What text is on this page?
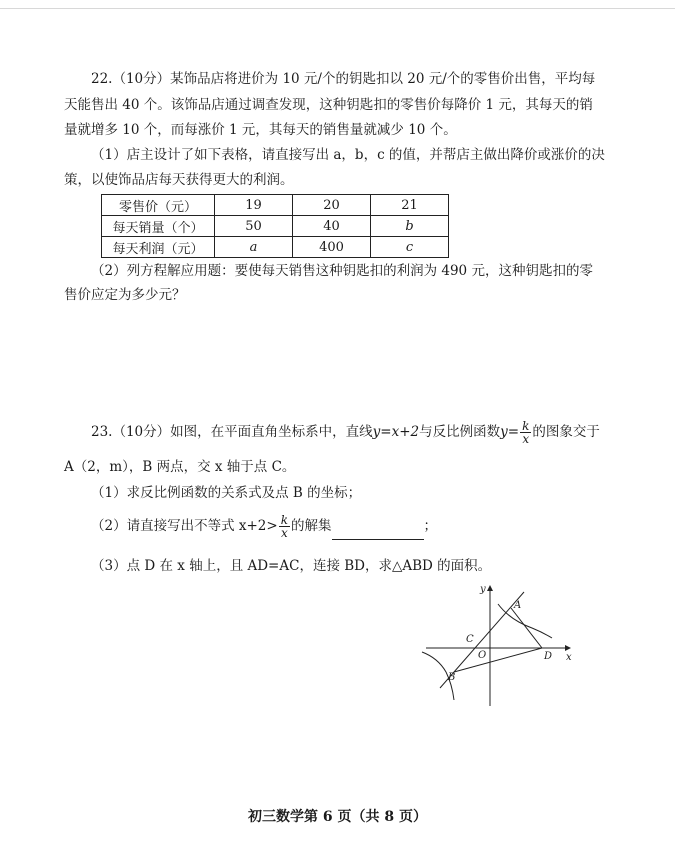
22.（10分）某饰品店将进价为 10 元/个的钥匙扣以 20 元/个的零售价出售，平均每
天能售出 40 个。该饰品店通过调查发现，这种钥匙扣的零售价每降价 1 元，其每天的销
量就增多 10 个，而每涨价 1 元，其每天的销售量就减少 10 个。
（1）店主设计了如下表格，请直接写出 a，b，c 的值，并帮店主做出降价或涨价的决
策，以使饰品店每天获得更大的利润。
零售价（元）	19	20	21
每天销量（个）	50	40	b
每天利润（元）	a	400	c
（2）列方程解应用题：要使每天销售这种钥匙扣的利润为 490 元，这种钥匙扣的零
售价应定为多少元？
23.（10分）如图，在平面直角坐标系中，直线y=x+2与反比例函数$y= \frac{k}{x}$ 的图象交于
A（2，m），B 两点，交 x 轴于点 C。
（1）求反比例函数的关系式及点 B 的坐标；
（2）请直接写出不等式 $x+2> \frac{k}{x}$ 的解集	；
（3）点 D 在 x 轴上，且 AD=AC，连接 BD，求△ABD 的面积。
y
x
A
B
C
D
O
初三数学第 6 页（共 8 页）
